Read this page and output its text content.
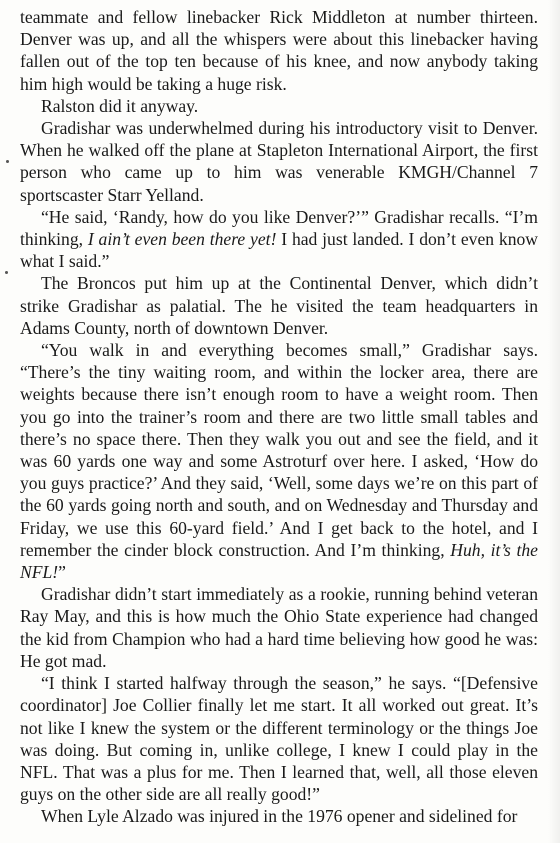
teammate and fellow linebacker Rick Middleton at number thirteen. Denver was up, and all the whispers were about this linebacker having fallen out of the top ten because of his knee, and now anybody taking him high would be taking a huge risk.

Ralston did it anyway.

Gradishar was underwhelmed during his introductory visit to Denver. When he walked off the plane at Stapleton International Airport, the first person who came up to him was venerable KMGH/Channel 7 sportscaster Starr Yelland.

“He said, ‘Randy, how do you like Denver?’” Gradishar recalls. “I’m thinking, I ain’t even been there yet! I had just landed. I don’t even know what I said.”

The Broncos put him up at the Continental Denver, which didn’t strike Gradishar as palatial. The he visited the team headquarters in Adams County, north of downtown Denver.

“You walk in and everything becomes small,” Gradishar says. “There’s the tiny waiting room, and within the locker area, there are weights because there isn’t enough room to have a weight room. Then you go into the trainer’s room and there are two little small tables and there’s no space there. Then they walk you out and see the field, and it was 60 yards one way and some Astroturf over here. I asked, ‘How do you guys practice?’ And they said, ‘Well, some days we’re on this part of the 60 yards going north and south, and on Wednesday and Thursday and Friday, we use this 60-yard field.’ And I get back to the hotel, and I remember the cinder block construction. And I’m thinking, Huh, it’s the NFL!”

Gradishar didn’t start immediately as a rookie, running behind veteran Ray May, and this is how much the Ohio State experience had changed the kid from Champion who had a hard time believing how good he was: He got mad.

“I think I started halfway through the season,” he says. “[Defensive coordinator] Joe Collier finally let me start. It all worked out great. It’s not like I knew the system or the different terminology or the things Joe was doing. But coming in, unlike college, I knew I could play in the NFL. That was a plus for me. Then I learned that, well, all those eleven guys on the other side are all really good!”

When Lyle Alzado was injured in the 1976 opener and sidelined for
